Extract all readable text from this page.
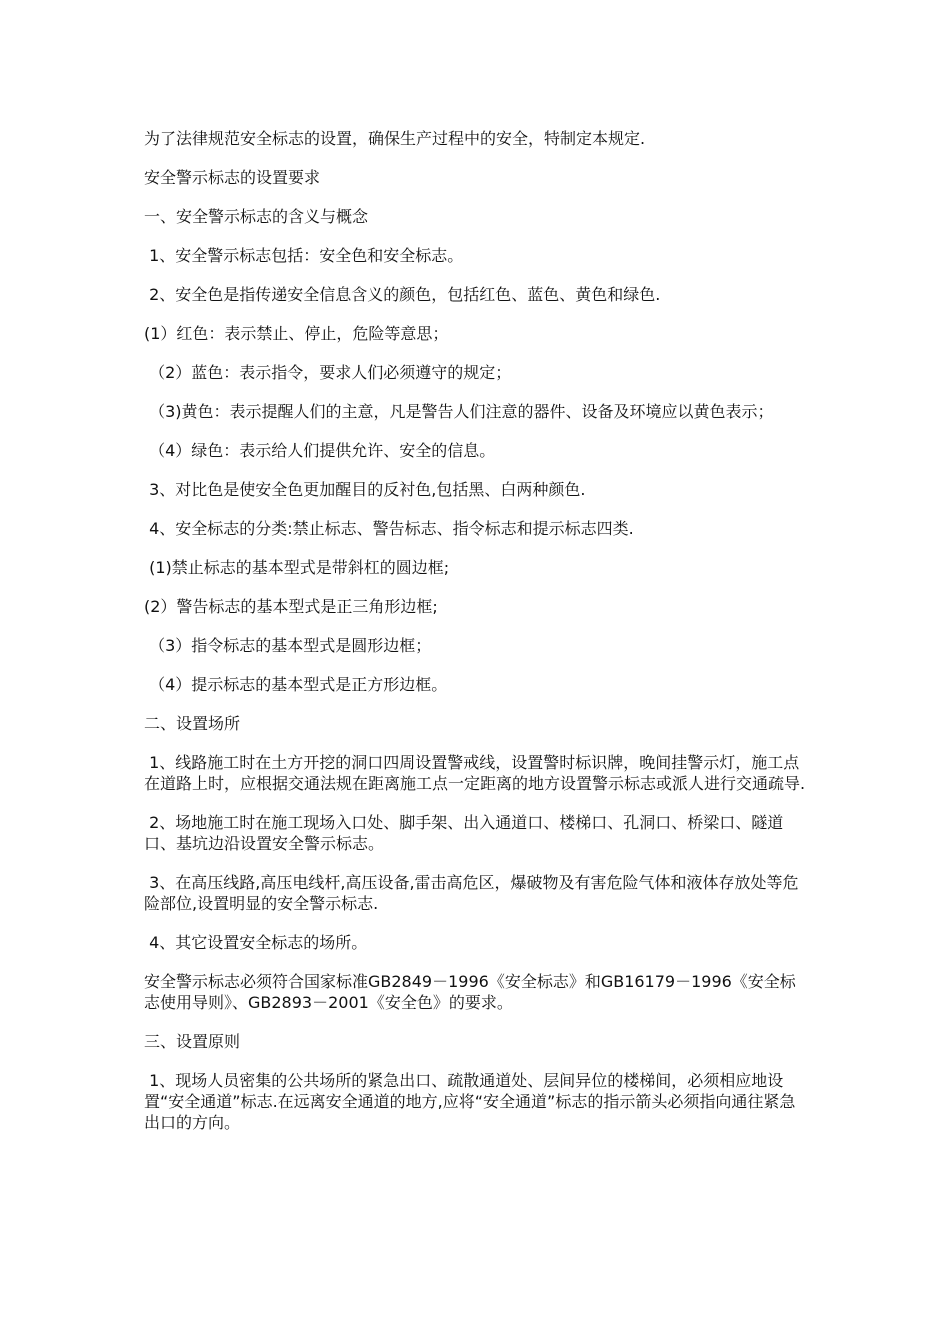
为了法律规范安全标志的设置，确保生产过程中的安全，特制定本规定.

安全警示标志的设置要求

一、安全警示标志的含义与概念

1、安全警示标志包括：安全色和安全标志。

2、安全色是指传递安全信息含义的颜色，包括红色、蓝色、黄色和绿色.

(1）红色：表示禁止、停止，危险等意思；

（2）蓝色：表示指令，要求人们必须遵守的规定；

（3)黄色：表示提醒人们的主意，凡是警告人们注意的器件、设备及环境应以黄色表示；

（4）绿色：表示给人们提供允许、安全的信息。

3、对比色是使安全色更加醒目的反衬色,包括黑、白两种颜色.

4、安全标志的分类:禁止标志、警告标志、指令标志和提示标志四类.

(1)禁止标志的基本型式是带斜杠的圆边框;

(2）警告标志的基本型式是正三角形边框;

（3）指令标志的基本型式是圆形边框；

（4）提示标志的基本型式是正方形边框。

二、设置场所

1、线路施工时在土方开挖的洞口四周设置警戒线，设置警时标识牌，晚间挂警示灯，施工点在道路上时，应根据交通法规在距离施工点一定距离的地方设置警示标志或派人进行交通疏导.

2、场地施工时在施工现场入口处、脚手架、出入通道口、楼梯口、孔洞口、桥梁口、隧道口、基坑边沿设置安全警示标志。

3、在高压线路,高压电线杆,高压设备,雷击高危区，爆破物及有害危险气体和液体存放处等危险部位,设置明显的安全警示标志.

4、其它设置安全标志的场所。

安全警示标志必须符合国家标准GB2849－1996《安全标志》和GB16179－1996《安全标志使用导则》、GB2893－2001《安全色》的要求。

三、设置原则

1、现场人员密集的公共场所的紧急出口、疏散通道处、层间异位的楼梯间，必须相应地设置“安全通道”标志.在远离安全通道的地方,应将“安全通道”标志的指示箭头必须指向通往紧急出口的方向。
